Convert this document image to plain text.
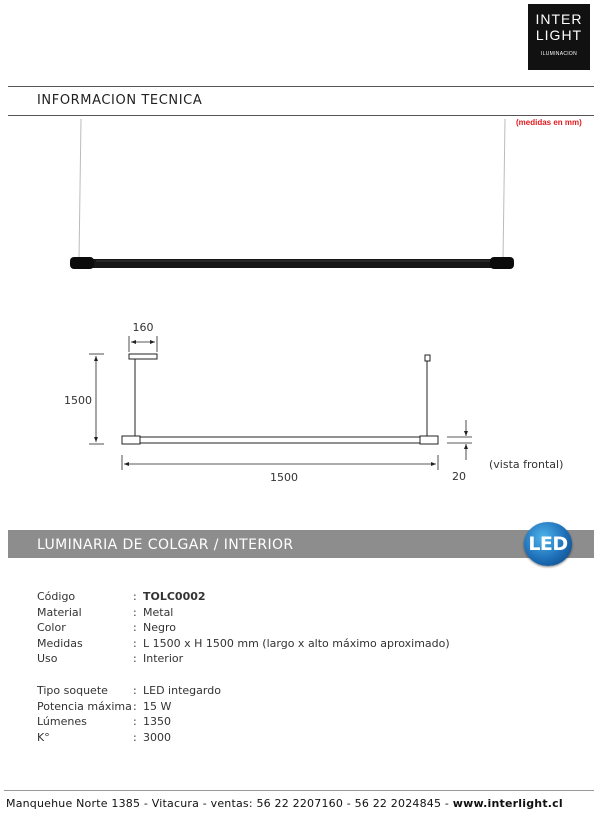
INTER
LIGHT
ILUMINACION
INFORMACION TECNICA
(medidas en mm)
160
1500
1500	20
(vista frontal)
LUMINARIA DE COLGAR / INTERIOR	LED
Código	: TOLC0002
Material	: Metal
Color	: Negro
Medidas	: L 1500 x H 1500 mm (largo x alto máximo aproximado)
Uso	: Interior
Tipo soquete : LED integardo
Potencia máxima : 15 W
Lúmenes	: 1350
K°	: 3000
Manquehue Norte 1385 - Vitacura - ventas: 56 22 2207160 - 56 22 2024845 - www.interlight.cl
